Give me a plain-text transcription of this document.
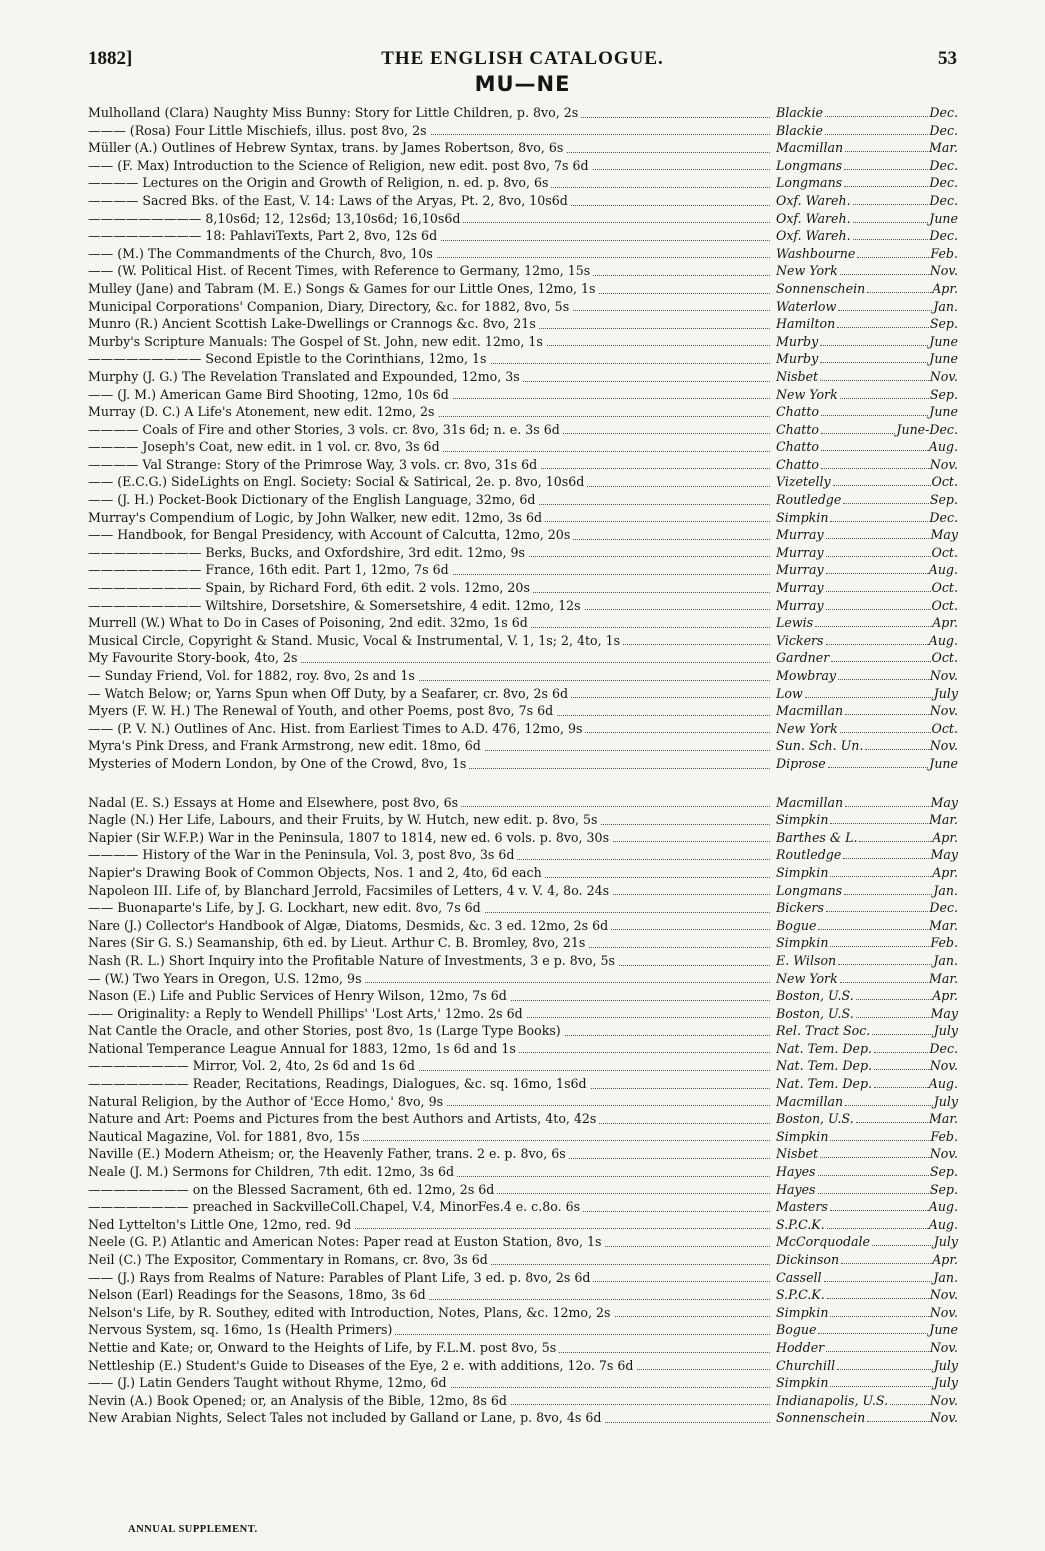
1882]	THE ENGLISH CATALOGUE.	53
MU—NE
Mulholland (Clara) Naughty Miss Bunny: Story for Little Children, p. 8vo, 2s	Blackie	Dec.
——— (Rosa) Four Little Mischiefs, illus. post 8vo, 2s	Blackie	Dec.
Müller (A.) Outlines of Hebrew Syntax, trans. by James Robertson, 8vo, 6s	Macmillan	Mar.
—— (F. Max) Introduction to the Science of Religion, new edit. post 8vo, 7s 6d	Longmans	Dec.
———— Lectures on the Origin and Growth of Religion, n. ed. p. 8vo, 6s	Longmans	Dec.
———— Sacred Bks. of the East, V. 14: Laws of the Aryas, Pt. 2, 8vo, 10s6d	Oxf. Wareh.	Dec.
————————— 8,10s6d; 12, 12s6d; 13,10s6d; 16,10s6d	Oxf. Wareh.	June
————————— 18: PahlaviTexts, Part 2, 8vo, 12s 6d	Oxf. Wareh.	Dec.
—— (M.) The Commandments of the Church, 8vo, 10s	Washbourne	Feb.
—— (W. Political Hist. of Recent Times, with Reference to Germany, 12mo, 15s	New York	Nov.
Mulley (Jane) and Tabram (M. E.) Songs & Games for our Little Ones, 12mo, 1s	Sonnenschein	Apr.
Municipal Corporations' Companion, Diary, Directory, &c. for 1882, 8vo, 5s	Waterlow	Jan.
Munro (R.) Ancient Scottish Lake-Dwellings or Crannogs &c. 8vo, 21s	Hamilton	Sep.
Murby's Scripture Manuals: The Gospel of St. John, new edit. 12mo, 1s	Murby	June
————————— Second Epistle to the Corinthians, 12mo, 1s	Murby	June
Murphy (J. G.) The Revelation Translated and Expounded, 12mo, 3s	Nisbet	Nov.
—— (J. M.) American Game Bird Shooting, 12mo, 10s 6d	New York	Sep.
Murray (D. C.) A Life's Atonement, new edit. 12mo, 2s	Chatto	June
———— Coals of Fire and other Stories, 3 vols. cr. 8vo, 31s 6d; n. e. 3s 6d	Chatto	June-Dec.
———— Joseph's Coat, new edit. in 1 vol. cr. 8vo, 3s 6d	Chatto	Aug.
———— Val Strange: Story of the Primrose Way, 3 vols. cr. 8vo, 31s 6d	Chatto	Nov.
—— (E.C.G.) SideLights on Engl. Society: Social & Satirical, 2e. p. 8vo, 10s6d	Vizetelly	Oct.
—— (J. H.) Pocket-Book Dictionary of the English Language, 32mo, 6d	Routledge	Sep.
Murray's Compendium of Logic, by John Walker, new edit. 12mo, 3s 6d	Simpkin	Dec.
—— Handbook, for Bengal Presidency, with Account of Calcutta, 12mo, 20s	Murray	May
————————— Berks, Bucks, and Oxfordshire, 3rd edit. 12mo, 9s	Murray	Oct.
————————— France, 16th edit. Part 1, 12mo, 7s 6d	Murray	Aug.
————————— Spain, by Richard Ford, 6th edit. 2 vols. 12mo, 20s	Murray	Oct.
————————— Wiltshire, Dorsetshire, & Somersetshire, 4 edit. 12mo, 12s	Murray	Oct.
Murrell (W.) What to Do in Cases of Poisoning, 2nd edit. 32mo, 1s 6d	Lewis	Apr.
Musical Circle, Copyright & Stand. Music, Vocal & Instrumental, V. 1, 1s; 2, 4to, 1s	Vickers	Aug.
My Favourite Story-book, 4to, 2s	Gardner	Oct.
— Sunday Friend, Vol. for 1882, roy. 8vo, 2s and 1s	Mowbray	Nov.
— Watch Below; or, Yarns Spun when Off Duty, by a Seafarer, cr. 8vo, 2s 6d	Low	July
Myers (F. W. H.) The Renewal of Youth, and other Poems, post 8vo, 7s 6d	Macmillan	Nov.
—— (P. V. N.) Outlines of Anc. Hist. from Earliest Times to A.D. 476, 12mo, 9s	New York	Oct.
Myra's Pink Dress, and Frank Armstrong, new edit. 18mo, 6d	Sun. Sch. Un.	Nov.
Mysteries of Modern London, by One of the Crowd, 8vo, 1s	Diprose	June
Nadal (E. S.) Essays at Home and Elsewhere, post 8vo, 6s	Macmillan	May
Nagle (N.) Her Life, Labours, and their Fruits, by W. Hutch, new edit. p. 8vo, 5s	Simpkin	Mar.
Napier (Sir W.F.P.) War in the Peninsula, 1807 to 1814, new ed. 6 vols. p. 8vo, 30s	Barthes & L.	Apr.
———— History of the War in the Peninsula, Vol. 3, post 8vo, 3s 6d	Routledge	May
Napier's Drawing Book of Common Objects, Nos. 1 and 2, 4to, 6d each	Simpkin	Apr.
Napoleon III. Life of, by Blanchard Jerrold, Facsimiles of Letters, 4 v. V. 4, 8o. 24s	Longmans	Jan.
—— Buonaparte's Life, by J. G. Lockhart, new edit. 8vo, 7s 6d	Bickers	Dec.
Nare (J.) Collector's Handbook of Algæ, Diatoms, Desmids, &c. 3 ed. 12mo, 2s 6d	Bogue	Mar.
Nares (Sir G. S.) Seamanship, 6th ed. by Lieut. Arthur C. B. Bromley, 8vo, 21s	Simpkin	Feb.
Nash (R. L.) Short Inquiry into the Profitable Nature of Investments, 3 e p. 8vo, 5s	E. Wilson	Jan.
— (W.) Two Years in Oregon, U.S. 12mo, 9s	New York	Mar.
Nason (E.) Life and Public Services of Henry Wilson, 12mo, 7s 6d	Boston, U.S.	Apr.
—— Originality: a Reply to Wendell Phillips' 'Lost Arts,' 12mo. 2s 6d	Boston, U.S.	May
Nat Cantle the Oracle, and other Stories, post 8vo, 1s (Large Type Books)	Rel. Tract Soc.	July
National Temperance League Annual for 1883, 12mo, 1s 6d and 1s	Nat. Tem. Dep.	Dec.
———————— Mirror, Vol. 2, 4to, 2s 6d and 1s 6d	Nat. Tem. Dep.	Nov.
———————— Reader, Recitations, Readings, Dialogues, &c. sq. 16mo, 1s6d	Nat. Tem. Dep.	Aug.
Natural Religion, by the Author of 'Ecce Homo,' 8vo, 9s	Macmillan	July
Nature and Art: Poems and Pictures from the best Authors and Artists, 4to, 42s	Boston, U.S.	Mar.
Nautical Magazine, Vol. for 1881, 8vo, 15s	Simpkin	Feb.
Naville (E.) Modern Atheism; or, the Heavenly Father, trans. 2 e. p. 8vo, 6s	Nisbet	Nov.
Neale (J. M.) Sermons for Children, 7th edit. 12mo, 3s 6d	Hayes	Sep.
———————— on the Blessed Sacrament, 6th ed. 12mo, 2s 6d	Hayes	Sep.
———————— preached in SackvilleColl.Chapel, V.4, MinorFes.4 e. c.8o. 6s	Masters	Aug.
Ned Lyttelton's Little One, 12mo, red. 9d	S.P.C.K.	Aug.
Neele (G. P.) Atlantic and American Notes: Paper read at Euston Station, 8vo, 1s	McCorquodale	July
Neil (C.) The Expositor, Commentary in Romans, cr. 8vo, 3s 6d	Dickinson	Apr.
—— (J.) Rays from Realms of Nature: Parables of Plant Life, 3 ed. p. 8vo, 2s 6d	Cassell	Jan.
Nelson (Earl) Readings for the Seasons, 18mo, 3s 6d	S.P.C.K.	Nov.
Nelson's Life, by R. Southey, edited with Introduction, Notes, Plans, &c. 12mo, 2s	Simpkin	Nov.
Nervous System, sq. 16mo, 1s (Health Primers)	Bogue	June
Nettie and Kate; or, Onward to the Heights of Life, by F.L.M. post 8vo, 5s	Hodder	Nov.
Nettleship (E.) Student's Guide to Diseases of the Eye, 2 e. with additions, 12o. 7s 6d	Churchill	July
—— (J.) Latin Genders Taught without Rhyme, 12mo, 6d	Simpkin	July
Nevin (A.) Book Opened; or, an Analysis of the Bible, 12mo, 8s 6d	Indianapolis, U.S.	Nov.
New Arabian Nights, Select Tales not included by Galland or Lane, p. 8vo, 4s 6d	Sonnenschein	Nov.
ANNUAL SUPPLEMENT.
